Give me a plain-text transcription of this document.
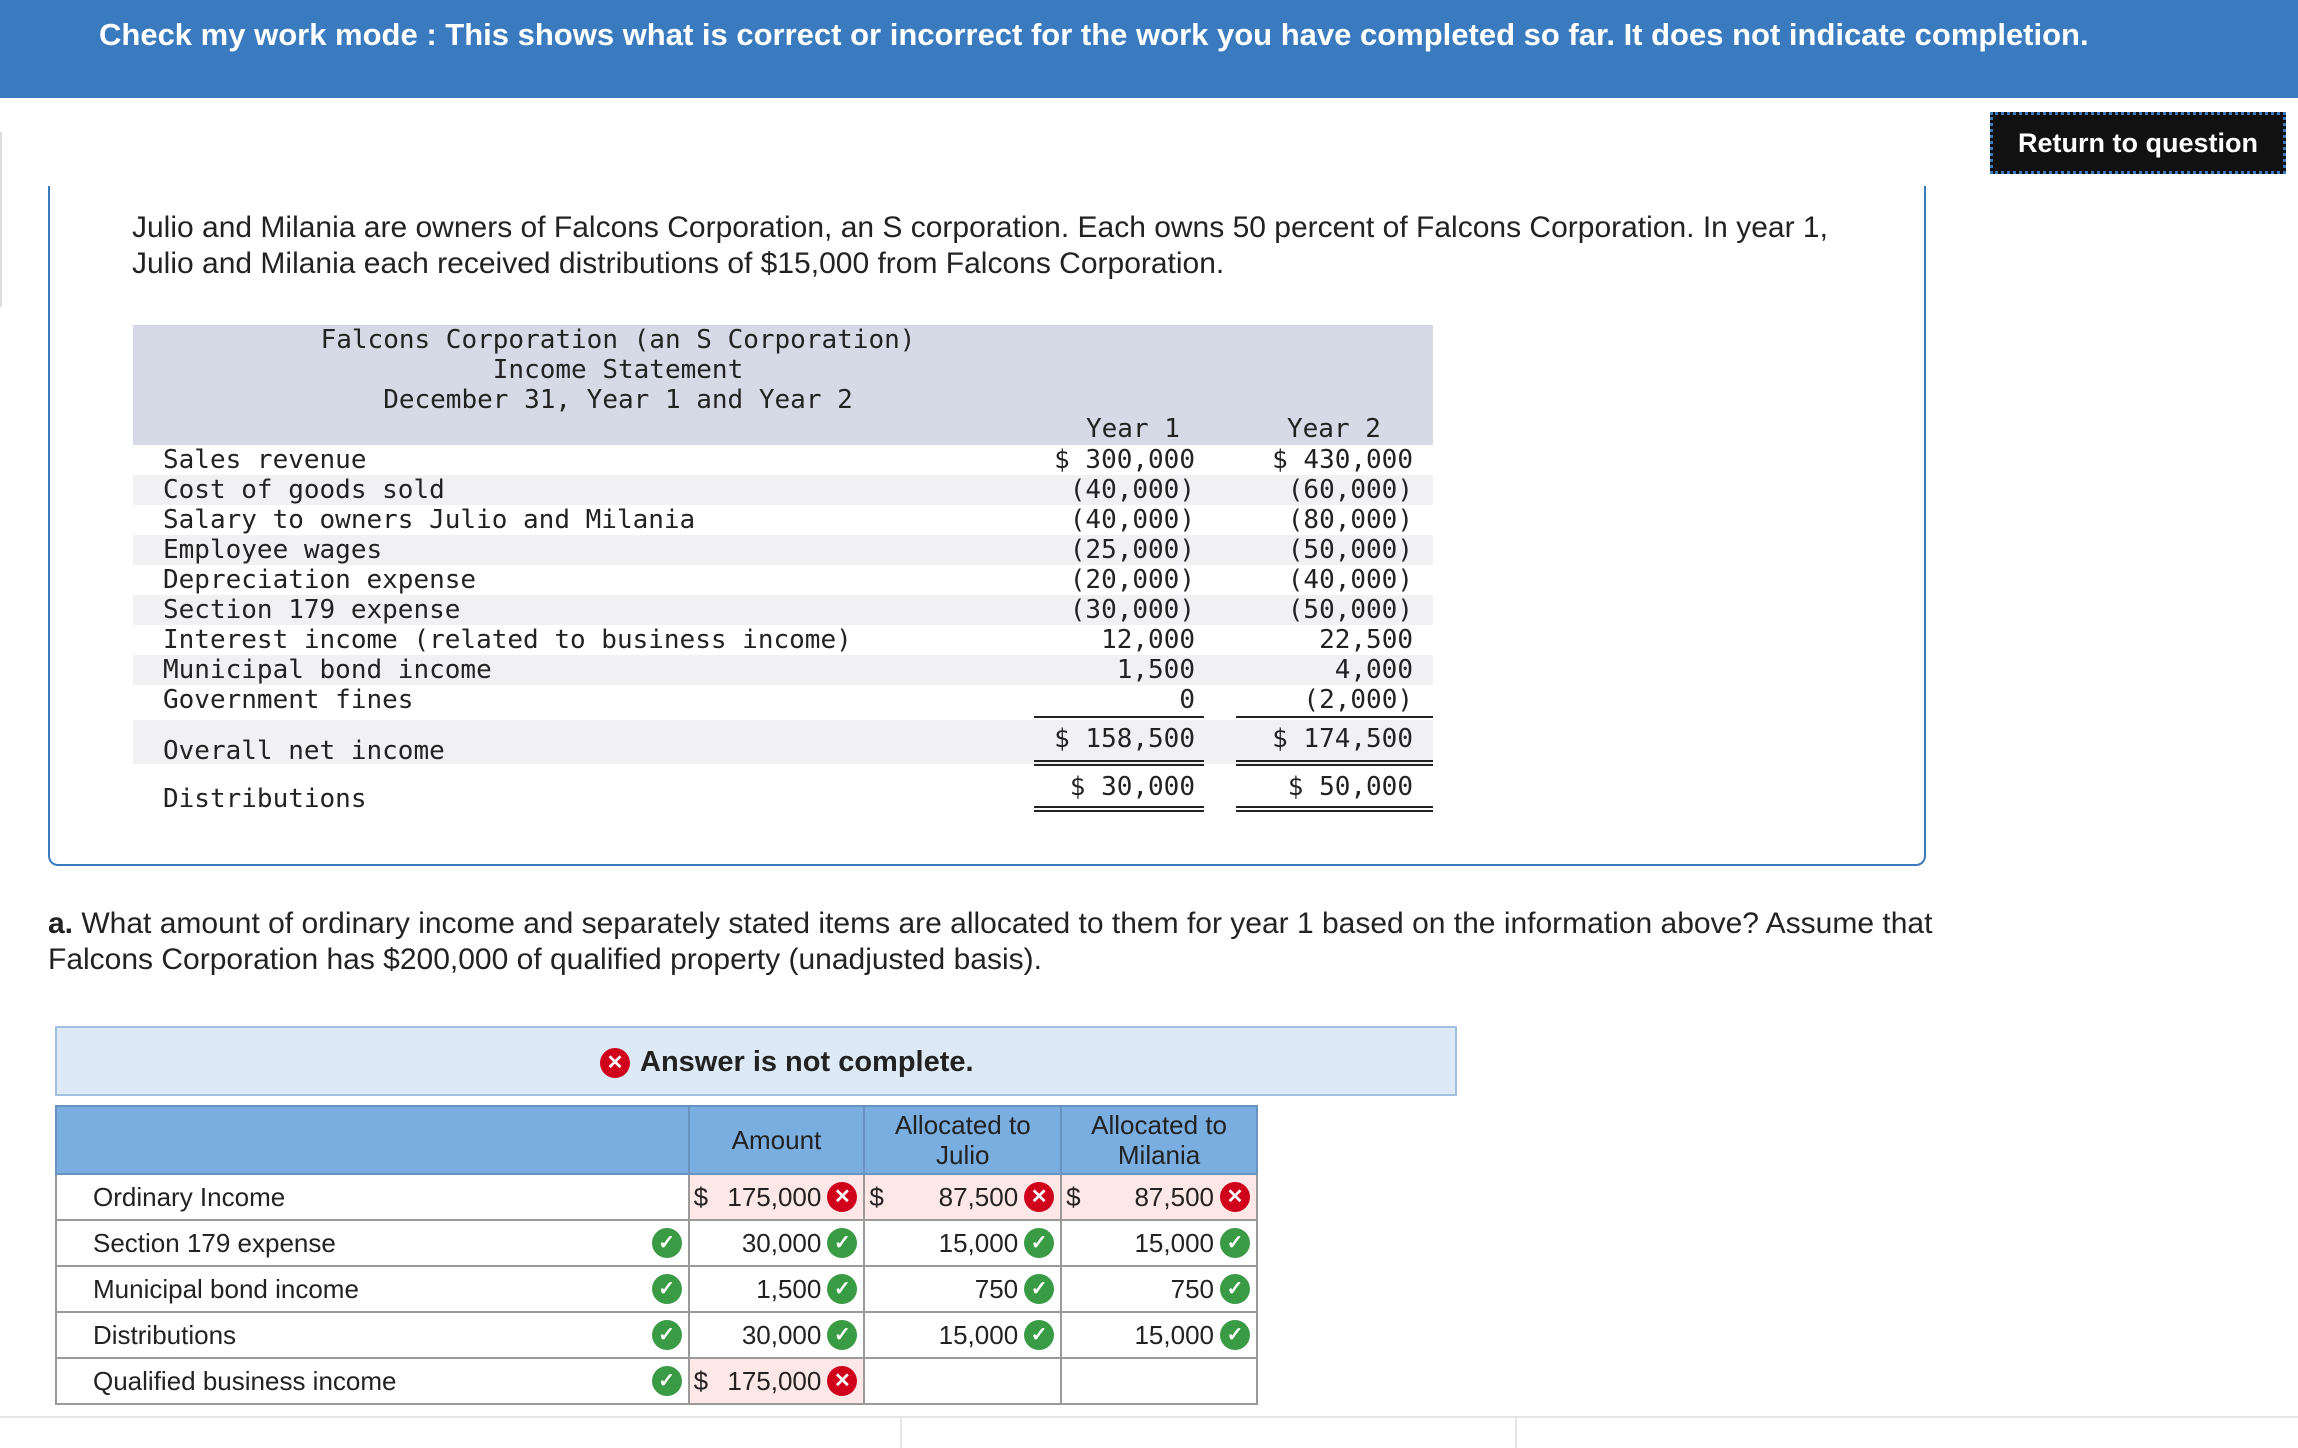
Check my work mode : This shows what is correct or incorrect for the work you have completed so far. It does not indicate completion.
Return to question
Julio and Milania are owners of Falcons Corporation, an S corporation. Each owns 50 percent of Falcons Corporation. In year 1, Julio and Milania each received distributions of $15,000 from Falcons Corporation.
Falcons Corporation (an S Corporation)
Income Statement
December 31, Year 1 and Year 2
Year 1	Year 2
Sales revenue	$ 300,000	$ 430,000
Cost of goods sold	(40,000)	(60,000)
Salary to owners Julio and Milania	(40,000)	(80,000)
Employee wages	(25,000)	(50,000)
Depreciation expense	(20,000)	(40,000)
Section 179 expense	(30,000)	(50,000)
Interest income (related to business income)	12,000	22,500
Municipal bond income	1,500	4,000
Government fines	0	(2,000)
Overall net income	$ 158,500	$ 174,500
Distributions	$ 30,000	$ 50,000
a. What amount of ordinary income and separately stated items are allocated to them for year 1 based on the information above? Assume that Falcons Corporation has $200,000 of qualified property (unadjusted basis).
✕ Answer is not complete.
	Amount	Allocated to Julio	Allocated to Milania

Ordinary Income	$ 175,000 ✕	$ 87,500 ✕	$ 87,500 ✕

Section 179 expense ✓	30,000 ✓	15,000 ✓	15,000 ✓

Municipal bond income ✓	1,500 ✓	750 ✓	750 ✓

Distributions ✓	30,000 ✓	15,000 ✓	15,000 ✓

Qualified business income ✓	$ 175,000 ✕		
